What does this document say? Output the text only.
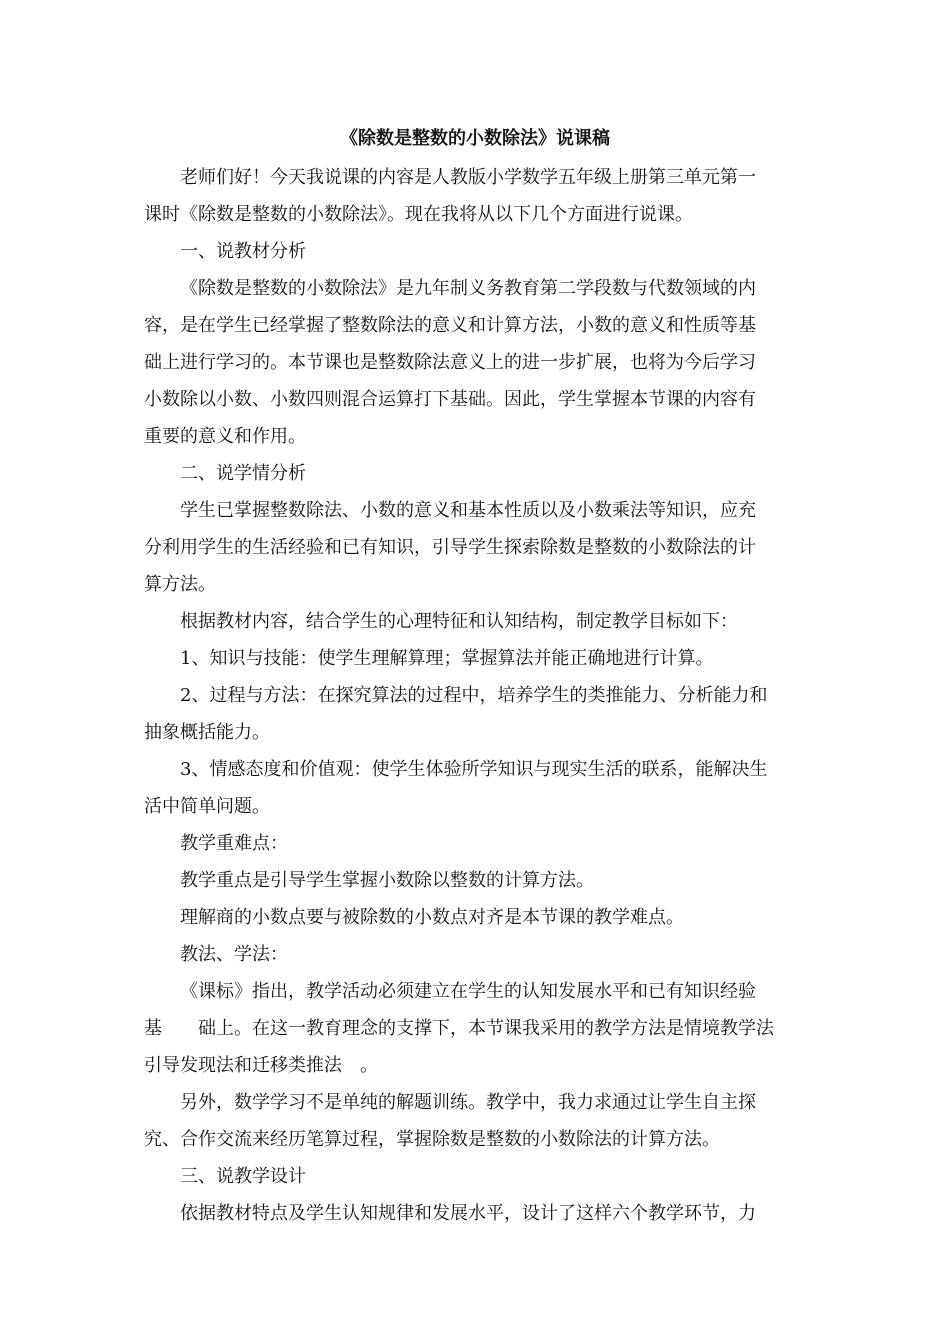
《除数是整数的小数除法》说课稿

老师们好！今天我说课的内容是人教版小学数学五年级上册第三单元第一

课时《除数是整数的小数除法》。现在我将从以下几个方面进行说课。

一、说教材分析

《除数是整数的小数除法》是九年制义务教育第二学段数与代数领域的内

容，是在学生已经掌握了整数除法的意义和计算方法，小数的意义和性质等基

础上进行学习的。本节课也是整数除法意义上的进一步扩展，也将为今后学习

小数除以小数、小数四则混合运算打下基础。因此，学生掌握本节课的内容有

重要的意义和作用。

二、说学情分析

学生已掌握整数除法、小数的意义和基本性质以及小数乘法等知识，应充

分利用学生的生活经验和已有知识，引导学生探索除数是整数的小数除法的计

算方法。

根据教材内容，结合学生的心理特征和认知结构，制定教学目标如下：

1、知识与技能：使学生理解算理；掌握算法并能正确地进行计算。

2、过程与方法：在探究算法的过程中，培养学生的类推能力、分析能力和

抽象概括能力。

3、情感态度和价值观：使学生体验所学知识与现实生活的联系，能解决生

活中简单问题。

教学重难点：

教学重点是引导学生掌握小数除以整数的计算方法。

理解商的小数点要与被除数的小数点对齐是本节课的教学难点。

教法、学法：

《课标》指出，教学活动必须建立在学生的认知发展水平和已有知识经验

基　　础上。在这一教育理念的支撑下，本节课我采用的教学方法是情境教学法

引导发现法和迁移类推法　。

另外，数学学习不是单纯的解题训练。教学中，我力求通过让学生自主探

究、合作交流来经历笔算过程，掌握除数是整数的小数除法的计算方法。

三、说教学设计

依据教材特点及学生认知规律和发展水平，设计了这样六个教学环节，力
